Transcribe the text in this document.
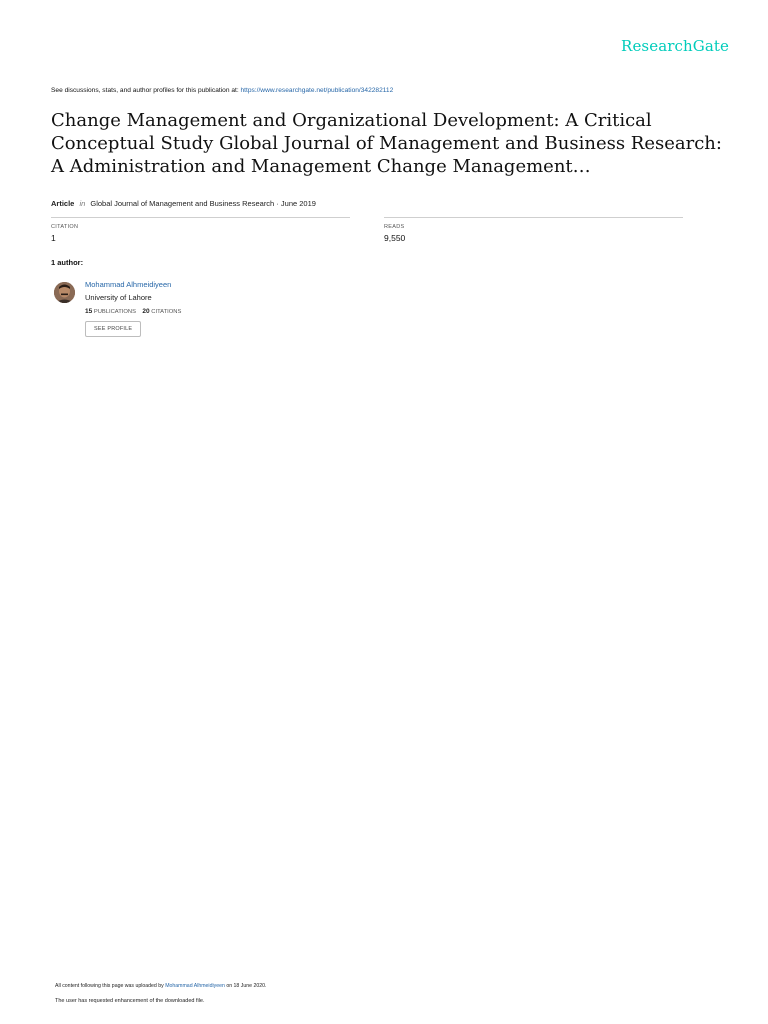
ResearchGate
See discussions, stats, and author profiles for this publication at: https://www.researchgate.net/publication/342282112
Change Management and Organizational Development: A Critical Conceptual Study Global Journal of Management and Business Research: A Administration and Management Change Management…
Article in Global Journal of Management and Business Research · June 2019
CITATION
1
READS
9,550
1 author:
Mohammad Alhmeidiyeen
University of Lahore
15 PUBLICATIONS 20 CITATIONS
SEE PROFILE
All content following this page was uploaded by Mohammad Alhmeidiyeen on 18 June 2020.
The user has requested enhancement of the downloaded file.
